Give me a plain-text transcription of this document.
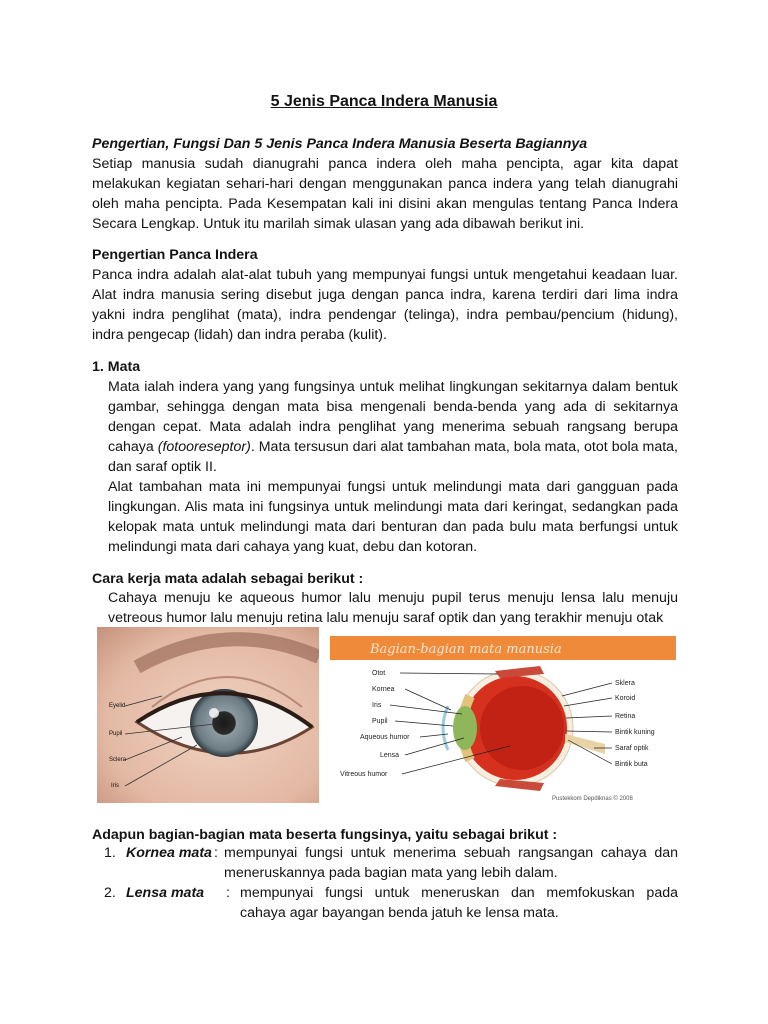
5 Jenis Panca Indera Manusia

Pengertian, Fungsi Dan 5 Jenis Panca Indera Manusia Beserta Bagiannya

Setiap manusia sudah dianugrahi panca indera oleh maha pencipta, agar kita dapat melakukan kegiatan sehari-hari dengan menggunakan panca indera yang telah dianugrahi oleh maha pencipta. Pada Kesempatan kali ini disini akan mengulas tentang Panca Indera Secara Lengkap. Untuk itu marilah simak ulasan yang ada dibawah berikut ini.

Pengertian Panca Indera

Panca indra adalah alat-alat tubuh yang mempunyai fungsi untuk mengetahui keadaan luar. Alat indra manusia sering disebut juga dengan panca indra, karena terdiri dari lima indra yakni indra penglihat (mata), indra pendengar (telinga), indra pembau/pencium (hidung), indra pengecap (lidah) dan indra peraba (kulit).

1. Mata

Mata ialah indera yang yang fungsinya untuk melihat lingkungan sekitarnya dalam bentuk gambar, sehingga dengan mata bisa mengenali benda-benda yang ada di sekitarnya dengan cepat. Mata adalah indra penglihat yang menerima sebuah rangsang berupa cahaya (fotooreseptor). Mata tersusun dari alat tambahan mata, bola mata, otot bola mata, dan saraf optik II.

Alat tambahan mata ini mempunyai fungsi untuk melindungi mata dari gangguan pada lingkungan. Alis mata ini fungsinya untuk melindungi mata dari keringat, sedangkan pada kelopak mata untuk melindungi mata dari benturan dan pada bulu mata berfungsi untuk melindungi mata dari cahaya yang kuat, debu dan kotoran.

Cara kerja mata adalah sebagai berikut :

Cahaya menuju ke aqueous humor lalu menuju pupil terus menuju lensa lalu menuju vetreous humor lalu menuju retina lalu menuju saraf optik dan yang terakhir menuju otak

Eyelid
Pupil
Sclera
Iris
Bagian-bagian mata manusia
Otot
Kornea
Iris
Pupil
Aqueous humor
Lensa
Vitreous humor
Sklera
Koroid
Retina
Bintik kuning
Saraf optik
Bintik buta
Pustekkom Depdiknas © 2008

Adapun bagian-bagian mata beserta fungsinya, yaitu sebagai brikut :

1. Kornea mata : mempunyai fungsi untuk menerima sebuah rangsangan cahaya dan meneruskannya pada bagian mata yang lebih dalam.
2. Lensa mata : mempunyai fungsi untuk meneruskan dan memfokuskan pada cahaya agar bayangan benda jatuh ke lensa mata.
